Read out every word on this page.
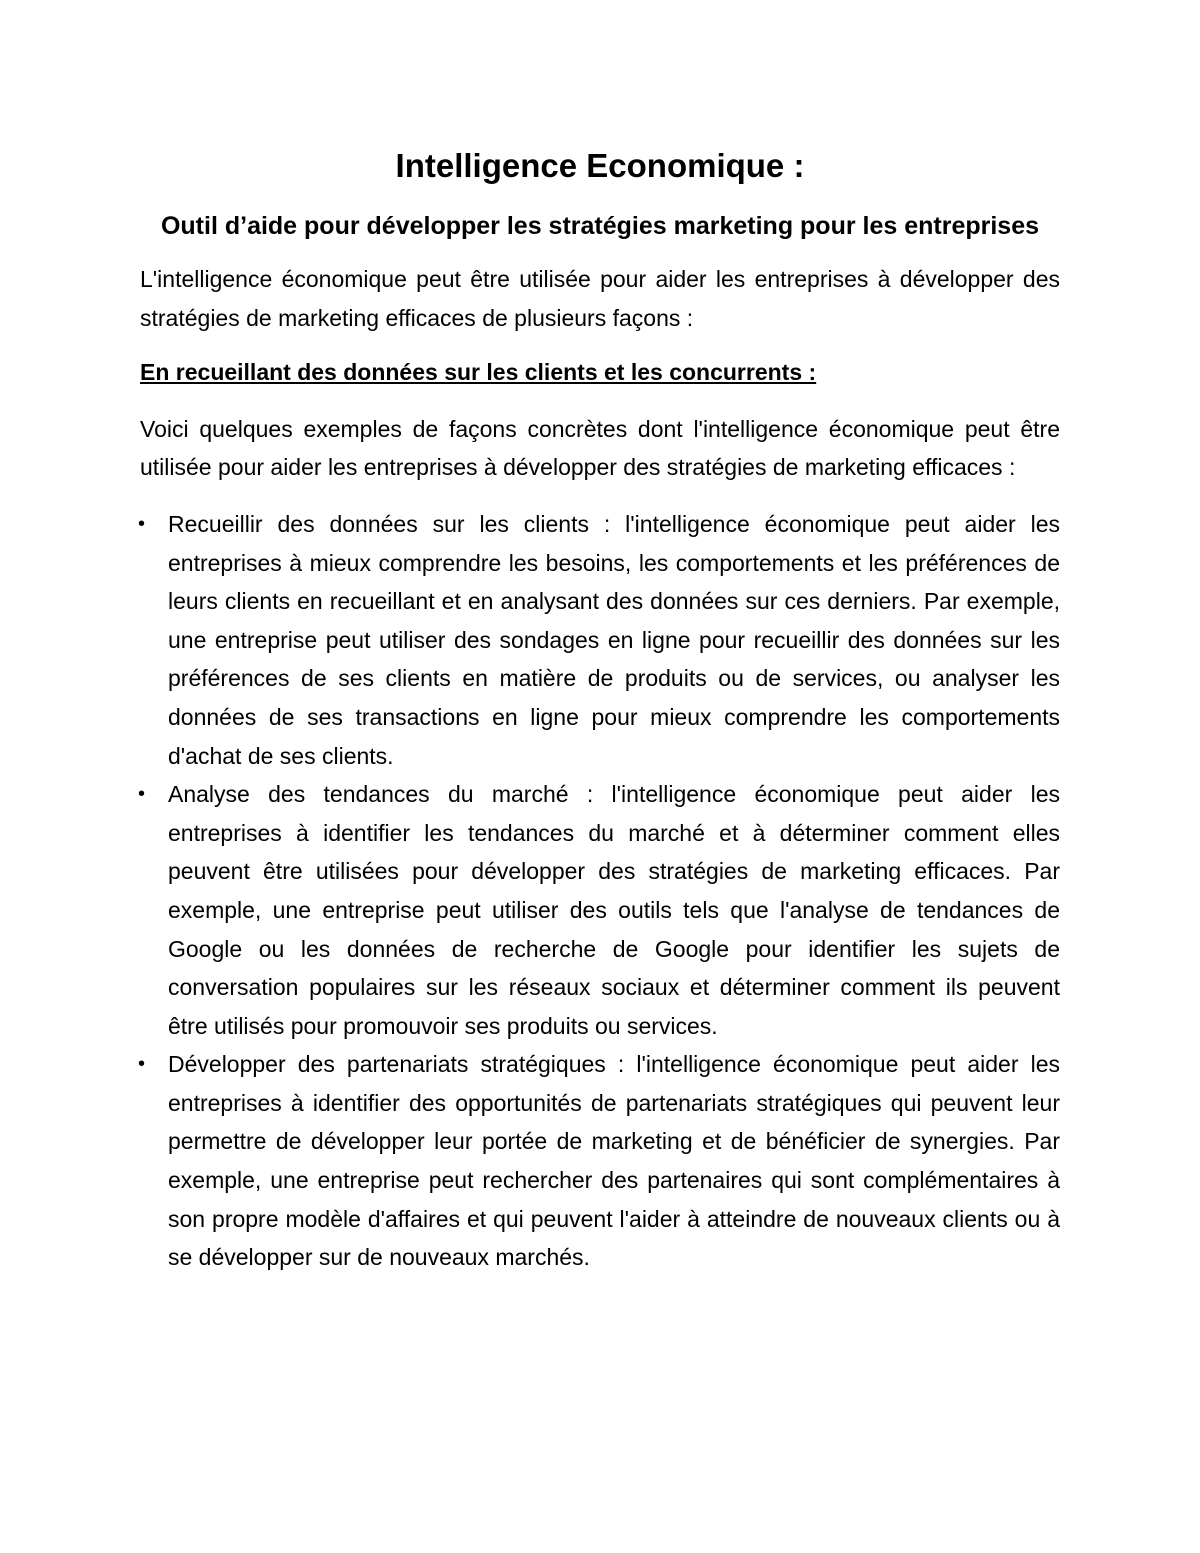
Intelligence Economique :
Outil d’aide pour développer les stratégies marketing pour les entreprises

L'intelligence économique peut être utilisée pour aider les entreprises à développer des stratégies de marketing efficaces de plusieurs façons :

En recueillant des données sur les clients et les concurrents :

Voici quelques exemples de façons concrètes dont l'intelligence économique peut être utilisée pour aider les entreprises à développer des stratégies de marketing efficaces :

• Recueillir des données sur les clients : l'intelligence économique peut aider les entreprises à mieux comprendre les besoins, les comportements et les préférences de leurs clients en recueillant et en analysant des données sur ces derniers. Par exemple, une entreprise peut utiliser des sondages en ligne pour recueillir des données sur les préférences de ses clients en matière de produits ou de services, ou analyser les données de ses transactions en ligne pour mieux comprendre les comportements d'achat de ses clients.
• Analyse des tendances du marché : l'intelligence économique peut aider les entreprises à identifier les tendances du marché et à déterminer comment elles peuvent être utilisées pour développer des stratégies de marketing efficaces. Par exemple, une entreprise peut utiliser des outils tels que l'analyse de tendances de Google ou les données de recherche de Google pour identifier les sujets de conversation populaires sur les réseaux sociaux et déterminer comment ils peuvent être utilisés pour promouvoir ses produits ou services.
• Développer des partenariats stratégiques : l'intelligence économique peut aider les entreprises à identifier des opportunités de partenariats stratégiques qui peuvent leur permettre de développer leur portée de marketing et de bénéficier de synergies. Par exemple, une entreprise peut rechercher des partenaires qui sont complémentaires à son propre modèle d'affaires et qui peuvent l'aider à atteindre de nouveaux clients ou à se développer sur de nouveaux marchés.
